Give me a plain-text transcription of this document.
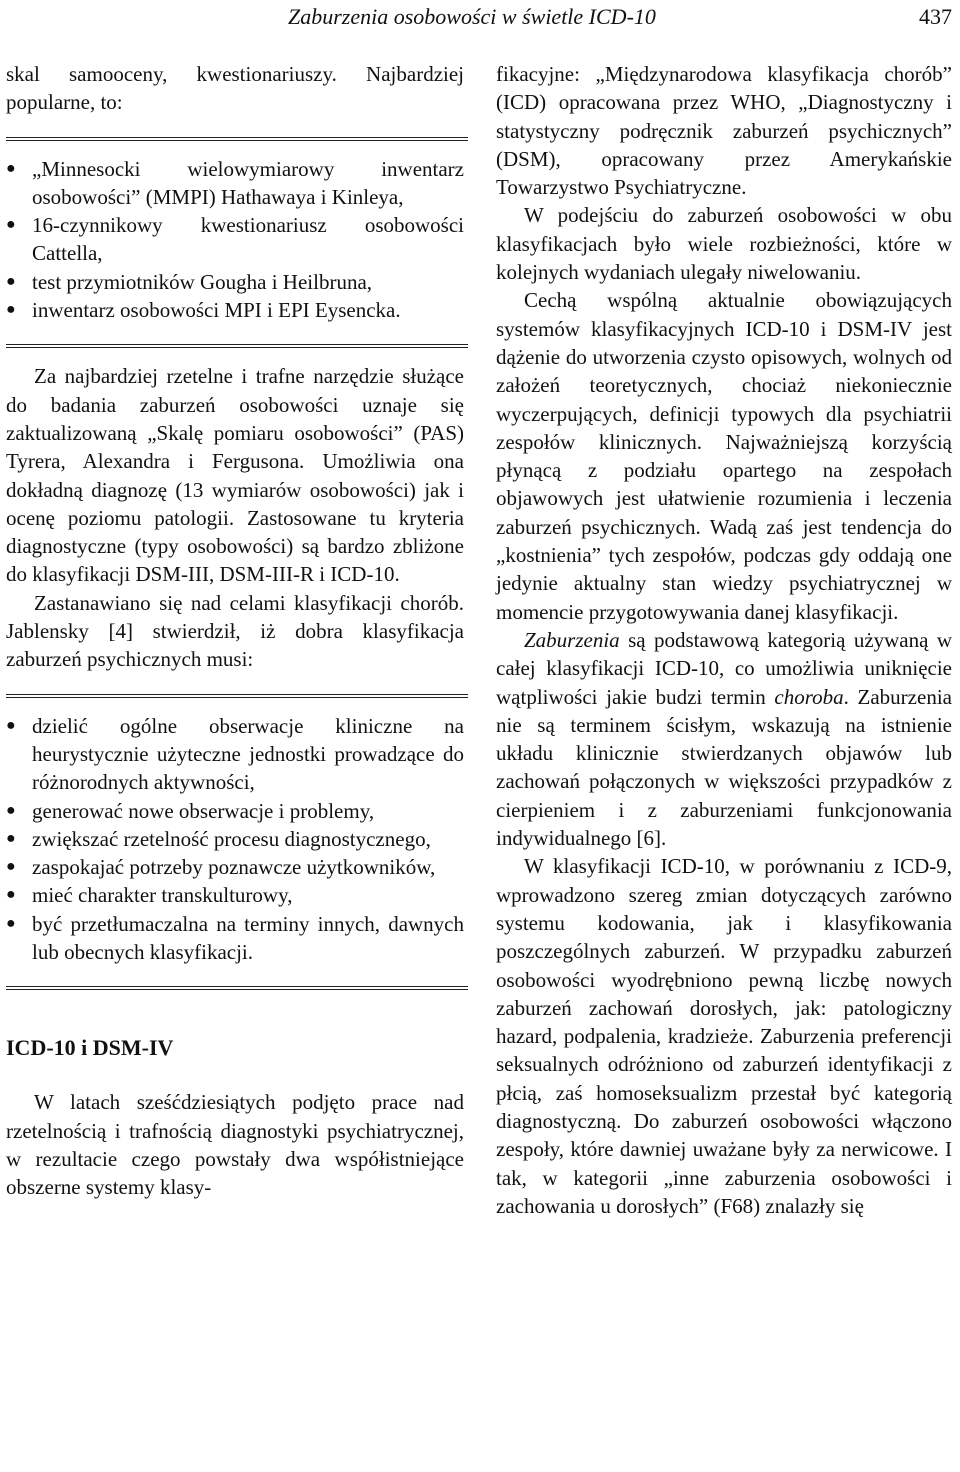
Zaburzenia osobowości w świetle ICD-10	437

skal samooceny, kwestionariuszy. Najbardziej popularne, to:

● „Minnesocki wielowymiarowy inwentarz osobowości” (MMPI) Hathawaya i Kinleya,
● 16-czynnikowy kwestionariusz osobowości Cattella,
● test przymiotników Gougha i Heilbruna,
● inwentarz osobowości MPI i EPI Eysencka.

Za najbardziej rzetelne i trafne narzędzie służące do badania zaburzeń osobowości uznaje się zaktualizowaną „Skalę pomiaru osobowości” (PAS) Tyrera, Alexandra i Fergusona. Umożliwia ona dokładną diagnozę (13 wymiarów osobowości) jak i ocenę poziomu patologii. Zastosowane tu kryteria diagnostyczne (typy osobowości) są bardzo zbliżone do klasyfikacji DSM-III, DSM-III-R i ICD-10.

Zastanawiano się nad celami klasyfikacji chorób. Jablensky [4] stwierdził, iż dobra klasyfikacja zaburzeń psychicznych musi:

● dzielić ogólne obserwacje kliniczne na heurystycznie użyteczne jednostki prowadzące do różnorodnych aktywności,
● generować nowe obserwacje i problemy,
● zwiększać rzetelność procesu diagnostycznego,
● zaspokajać potrzeby poznawcze użytkowników,
● mieć charakter transkulturowy,
● być przetłumaczalna na terminy innych, dawnych lub obecnych klasyfikacji.
ICD-10 i DSM-IV

W latach sześćdziesiątych podjęto prace nad rzetelnością i trafnością diagnostyki psychiatrycznej, w rezultacie czego powstały dwa współistniejące obszerne systemy klasy-

fikacyjne: „Międzynarodowa klasyfikacja chorób” (ICD) opracowana przez WHO, „Diagnostyczny i statystyczny podręcznik zaburzeń psychicznych” (DSM), opracowany przez Amerykańskie Towarzystwo Psychiatryczne.

W podejściu do zaburzeń osobowości w obu klasyfikacjach było wiele rozbieżności, które w kolejnych wydaniach ulegały niwelowaniu.

Cechą wspólną aktualnie obowiązujących systemów klasyfikacyjnych ICD-10 i DSM-IV jest dążenie do utworzenia czysto opisowych, wolnych od założeń teoretycznych, chociaż niekoniecznie wyczerpujących, definicji typowych dla psychiatrii zespołów klinicznych. Najważniejszą korzyścią płynącą z podziału opartego na zespołach objawowych jest ułatwienie rozumienia i leczenia zaburzeń psychicznych. Wadą zaś jest tendencja do „kostnienia” tych zespołów, podczas gdy oddają one jedynie aktualny stan wiedzy psychiatrycznej w momencie przygotowywania danej klasyfikacji.

Zaburzenia są podstawową kategorią używaną w całej klasyfikacji ICD-10, co umożliwia uniknięcie wątpliwości jakie budzi termin choroba. Zaburzenia nie są terminem ścisłym, wskazują na istnienie układu klinicznie stwierdzanych objawów lub zachowań połączonych w większości przypadków z cierpieniem i z zaburzeniami funkcjonowania indywidualnego [6].

W klasyfikacji ICD-10, w porównaniu z ICD-9, wprowadzono szereg zmian dotyczących zarówno systemu kodowania, jak i klasyfikowania poszczególnych zaburzeń. W przypadku zaburzeń osobowości wyodrębniono pewną liczbę nowych zaburzeń zachowań dorosłych, jak: patologiczny hazard, podpalenia, kradzieże. Zaburzenia preferencji seksualnych odróżniono od zaburzeń identyfikacji z płcią, zaś homoseksualizm przestał być kategorią diagnostyczną. Do zaburzeń osobowości włączono zespoły, które dawniej uważane były za nerwicowe. I tak, w kategorii „inne zaburzenia osobowości i zachowania u dorosłych” (F68) znalazły się
